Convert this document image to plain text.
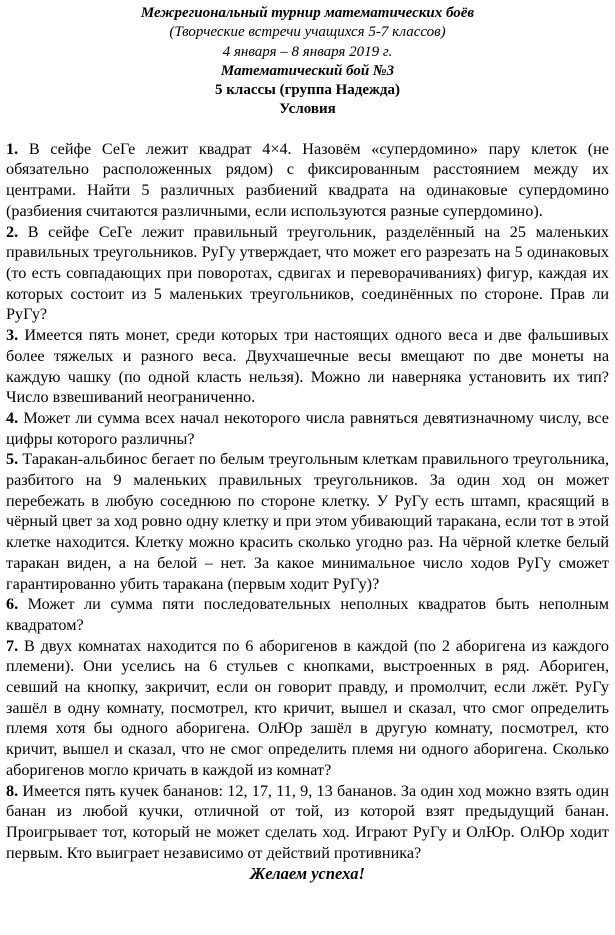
Межрегиональный турнир математических боёв

(Творческие встречи учащихся 5-7 классов)

4 января – 8 января 2019 г.

Математический бой №3

5 классы (группа Надежда)

Условия

1. В сейфе СеГе лежит квадрат 4×4. Назовём «супердомино» пару клеток (не обязательно расположенных рядом) с фиксированным расстоянием между их центрами. Найти 5 различных разбиений квадрата на одинаковые супердомино (разбиения считаются различными, если используются разные супердомино).

2. В сейфе СеГе лежит правильный треугольник, разделённый на 25 маленьких правильных треугольников. РуГу утверждает, что может его разрезать на 5 одинаковых (то есть совпадающих при поворотах, сдвигах и переворачиваниях) фигур, каждая их которых состоит из 5 маленьких треугольников, соединённых по стороне. Прав ли РуГу?

3. Имеется пять монет, среди которых три настоящих одного веса и две фальшивых более тяжелых и разного веса. Двухчашечные весы вмещают по две монеты на каждую чашку (по одной класть нельзя). Можно ли наверняка установить их тип? Число взвешиваний неограниченно.

4. Может ли сумма всех начал некоторого числа равняться девятизначному числу, все цифры которого различны?

5. Таракан-альбинос бегает по белым треугольным клеткам правильного треугольника, разбитого на 9 маленьких правильных треугольников. За один ход он может перебежать в любую соседнюю по стороне клетку. У РуГу есть штамп, красящий в чёрный цвет за ход ровно одну клетку и при этом убивающий таракана, если тот в этой клетке находится. Клетку можно красить сколько угодно раз. На чёрной клетке белый таракан виден, а на белой – нет. За какое минимальное число ходов РуГу сможет гарантированно убить таракана (первым ходит РуГу)?

6. Может ли сумма пяти последовательных неполных квадратов быть неполным квадратом?

7. В двух комнатах находится по 6 аборигенов в каждой (по 2 аборигена из каждого племени). Они уселись на 6 стульев с кнопками, выстроенных в ряд. Абориген, севший на кнопку, закричит, если он говорит правду, и промолчит, если лжёт. РуГу зашёл в одну комнату, посмотрел, кто кричит, вышел и сказал, что смог определить племя хотя бы одного аборигена. ОлЮр зашёл в другую комнату, посмотрел, кто кричит, вышел и сказал, что не смог определить племя ни одного аборигена. Сколько аборигенов могло кричать в каждой из комнат?

8. Имеется пять кучек бананов: 12, 17, 11, 9, 13 бананов. За один ход можно взять один банан из любой кучки, отличной от той, из которой взят предыдущий банан. Проигрывает тот, который не может сделать ход. Играют РуГу и ОлЮр. ОлЮр ходит первым. Кто выиграет независимо от действий противника?

Желаем успеха!
